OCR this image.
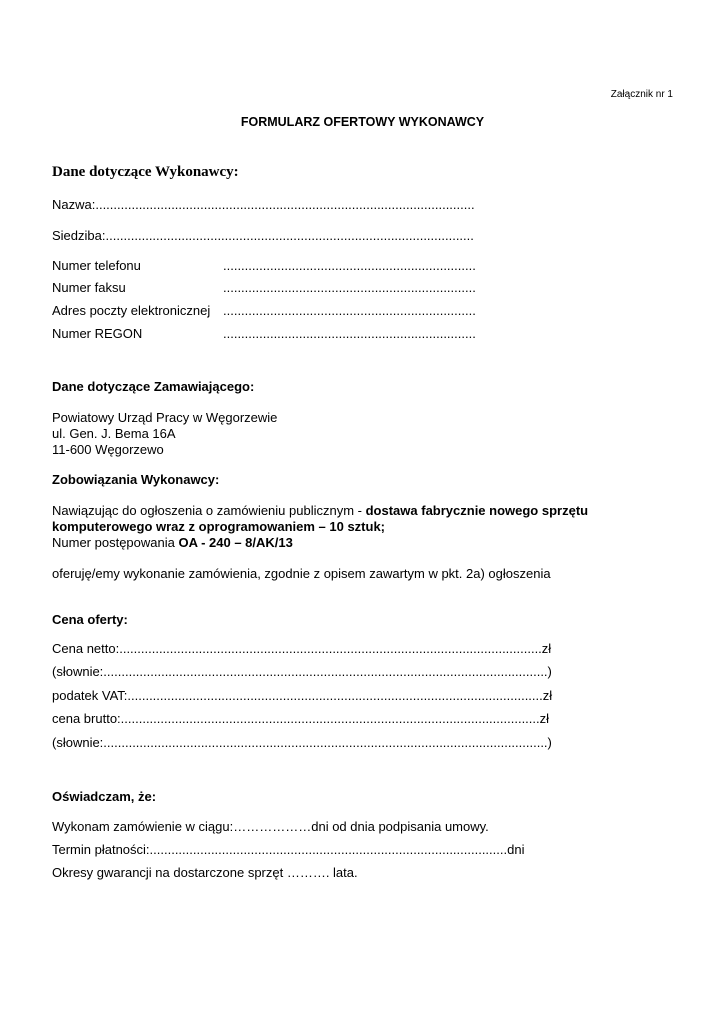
Załącznik nr 1
FORMULARZ OFERTOWY WYKONAWCY
Dane dotyczące Wykonawcy:
Nazwa:.........................................................................................................
Siedziba:......................................................................................................
Numer telefonu	......................................................................
Numer faksu	......................................................................
Adres poczty elektronicznej ......................................................................
Numer REGON	......................................................................
Dane dotyczące Zamawiającego:
Powiatowy Urząd Pracy w Węgorzewie
ul. Gen. J. Bema 16A
11-600 Węgorzewo
Zobowiązania Wykonawcy:
Nawiązując do ogłoszenia o zamówieniu publicznym - dostawa fabrycznie nowego sprzętu
komputerowego wraz z oprogramowaniem – 10 sztuk;
Numer postępowania OA - 240 – 8/AK/13
oferuję/emy wykonanie zamówienia, zgodnie z opisem zawartym w pkt. 2a) ogłoszenia
Cena oferty:
Cena netto:.....................................................................................................................zł
(słownie:...........................................................................................................................)
podatek VAT:...................................................................................................................zł
cena brutto:....................................................................................................................zł
(słownie:...........................................................................................................................)
Oświadczam, że:
Wykonam zamówienie w ciągu:………………dni od dnia podpisania umowy.
Termin płatności:...................................................................................................dni
Okresy gwarancji na dostarczone sprzęt ………. lata.
